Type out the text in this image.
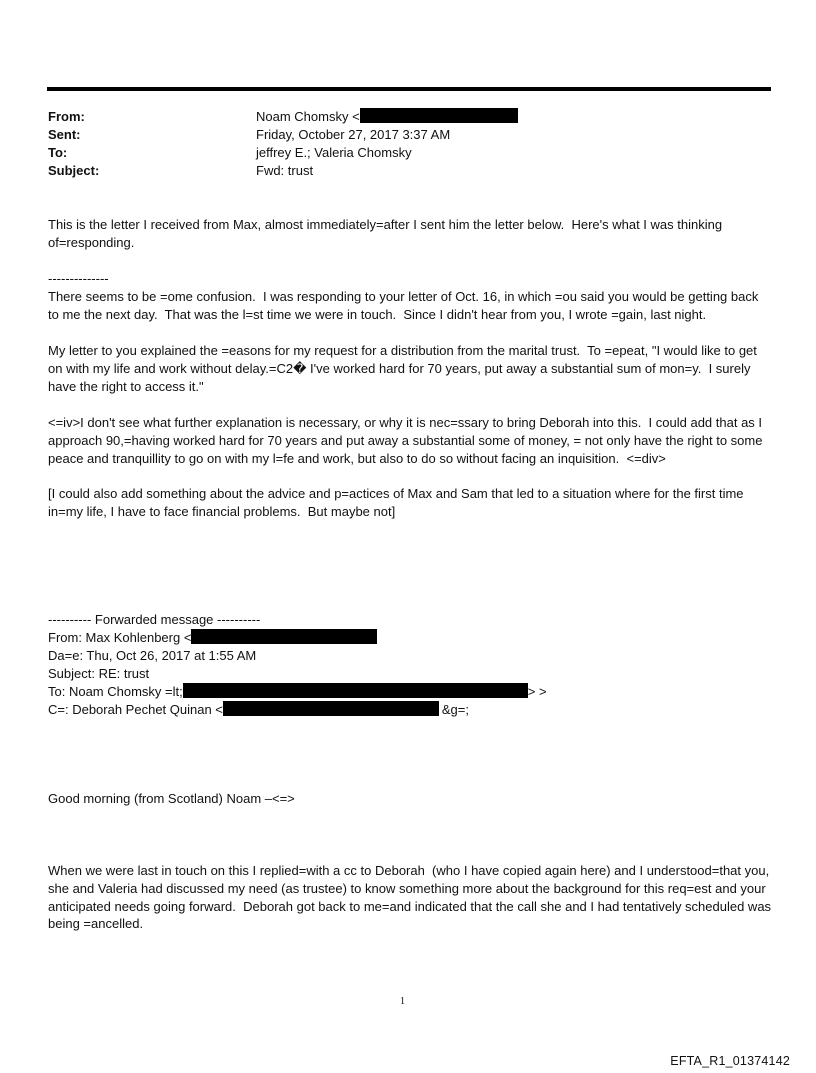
From:	Noam Chomsky <
Sent:	Friday, October 27, 2017 3:37 AM
To:	jeffrey E.; Valeria Chomsky
Subject:	Fwd: trust
This is the letter I received from Max, almost immediately=after I sent him the letter below.  Here's what I was thinking of=responding.
--------------
There seems to be =ome confusion.  I was responding to your letter of Oct. 16, in which =ou said you would be getting back to me the next day.  That was the l=st time we were in touch.  Since I didn't hear from you, I wrote =gain, last night.
My letter to you explained the =easons for my request for a distribution from the marital trust.  To =epeat, "I would like to get on with my life and work without delay.=C2� I've worked hard for 70 years, put away a substantial sum of mon=y.  I surely have the right to access it."
<=iv>I don't see what further explanation is necessary, or why it is nec=ssary to bring Deborah into this.  I could add that as I approach 90,=having worked hard for 70 years and put away a substantial some of money, = not only have the right to some peace and tranquillity to go on with my l=fe and work, but also to do so without facing an inquisition.  <=div>
[I could also add something about the advice and p=actices of Max and Sam that led to a situation where for the first time in=my life, I have to face financial problems.  But maybe not]
---------- Forwarded message ----------
From: Max Kohlenberg <
Da=e: Thu, Oct 26, 2017 at 1:55 AM
Subject: RE: trust
To: Noam Chomsky =lt;	> >
C=: Deborah Pechet Quinan <	&g=;
Good morning (from Scotland) Noam –<=>
When we were last in touch on this I replied=with a cc to Deborah  (who I have copied again here) and I understood=that you, she and Valeria had discussed my need (as trustee) to know something more about the background for this req=est and your anticipated needs going forward.  Deborah got back to me=and indicated that the call she and I had tentatively scheduled was being =ancelled.
1
EFTA_R1_01374142
